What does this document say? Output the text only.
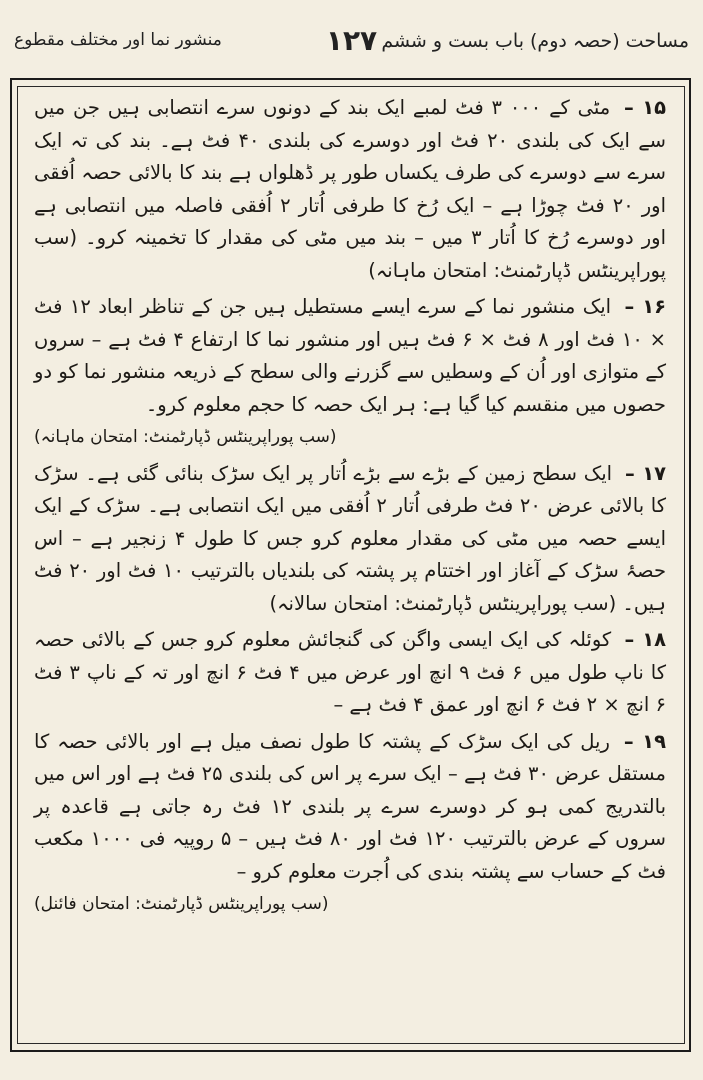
مساحت (حصہ دوم) باب بست و ششم
۱۲۷
منشور نما اور مختلف مقطوع

۱۵ – مٹی کے ۰۰۰ ۳ فٹ لمبے ایک بند کے دونوں سرے انتصابی ہیں جن میں سے ایک کی بلندی ۲۰ فٹ اور دوسرے کی بلندی ۴۰ فٹ ہے۔ بند کی تہ ایک سرے سے دوسرے کی طرف یکساں طور پر ڈھلواں ہے بند کا بالائی حصہ اُفقی اور ۲۰ فٹ چوڑا ہے – ایک رُخ کا طرفی اُتار ۲ اُفقی فاصلہ میں انتصابی ہے اور دوسرے رُخ کا اُتار ۳ میں – بند میں مٹی کی مقدار کا تخمینہ کرو۔ (سب پوراپرینٹس ڈپارٹمنٹ: امتحان ماہانہ)

۱۶ – ایک منشور نما کے سرے ایسے مستطیل ہیں جن کے تناظر ابعاد ۱۲ فٹ × ۱۰ فٹ اور ۸ فٹ × ۶ فٹ ہیں اور منشور نما کا ارتفاع ۴ فٹ ہے – سروں کے متوازی اور اُن کے وسطیں سے گزرنے والی سطح کے ذریعہ منشور نما کو دو حصوں میں منقسم کیا گیا ہے: ہر ایک حصہ کا حجم معلوم کرو۔

(سب پوراپرینٹس ڈپارٹمنٹ: امتحان ماہانہ)

۱۷ – ایک سطح زمین کے بڑے سے بڑے اُتار پر ایک سڑک بنائی گئی ہے۔ سڑک کا بالائی عرض ۲۰ فٹ طرفی اُتار ۲ اُفقی میں ایک انتصابی ہے۔ سڑک کے ایک ایسے حصہ میں مٹی کی مقدار معلوم کرو جس کا طول ۴ زنجیر ہے – اس حصۂ سڑک کے آغاز اور اختتام پر پشتہ کی بلندیاں بالترتیب ۱۰ فٹ اور ۲۰ فٹ ہیں۔ (سب پوراپرینٹس ڈپارٹمنٹ: امتحان سالانہ)

۱۸ – کوئلہ کی ایک ایسی واگن کی گنجائش معلوم کرو جس کے بالائی حصہ کا ناپ طول میں ۶ فٹ ۹ انچ اور عرض میں ۴ فٹ ۶ انچ اور تہ کے ناپ ۳ فٹ ۶ انچ × ۲ فٹ ۶ انچ اور عمق ۴ فٹ ہے –

۱۹ – ریل کی ایک سڑک کے پشتہ کا طول نصف میل ہے اور بالائی حصہ کا مستقل عرض ۳۰ فٹ ہے – ایک سرے پر اس کی بلندی ۲۵ فٹ ہے اور اس میں بالتدریج کمی ہو کر دوسرے سرے پر بلندی ۱۲ فٹ رہ جاتی ہے قاعدہ پر سروں کے عرض بالترتیب ۱۲۰ فٹ اور ۸۰ فٹ ہیں – ۵ روپیہ فی ۱۰۰۰ مکعب فٹ کے حساب سے پشتہ بندی کی اُجرت معلوم کرو –

(سب پوراپرینٹس ڈپارٹمنٹ: امتحان فائنل)
